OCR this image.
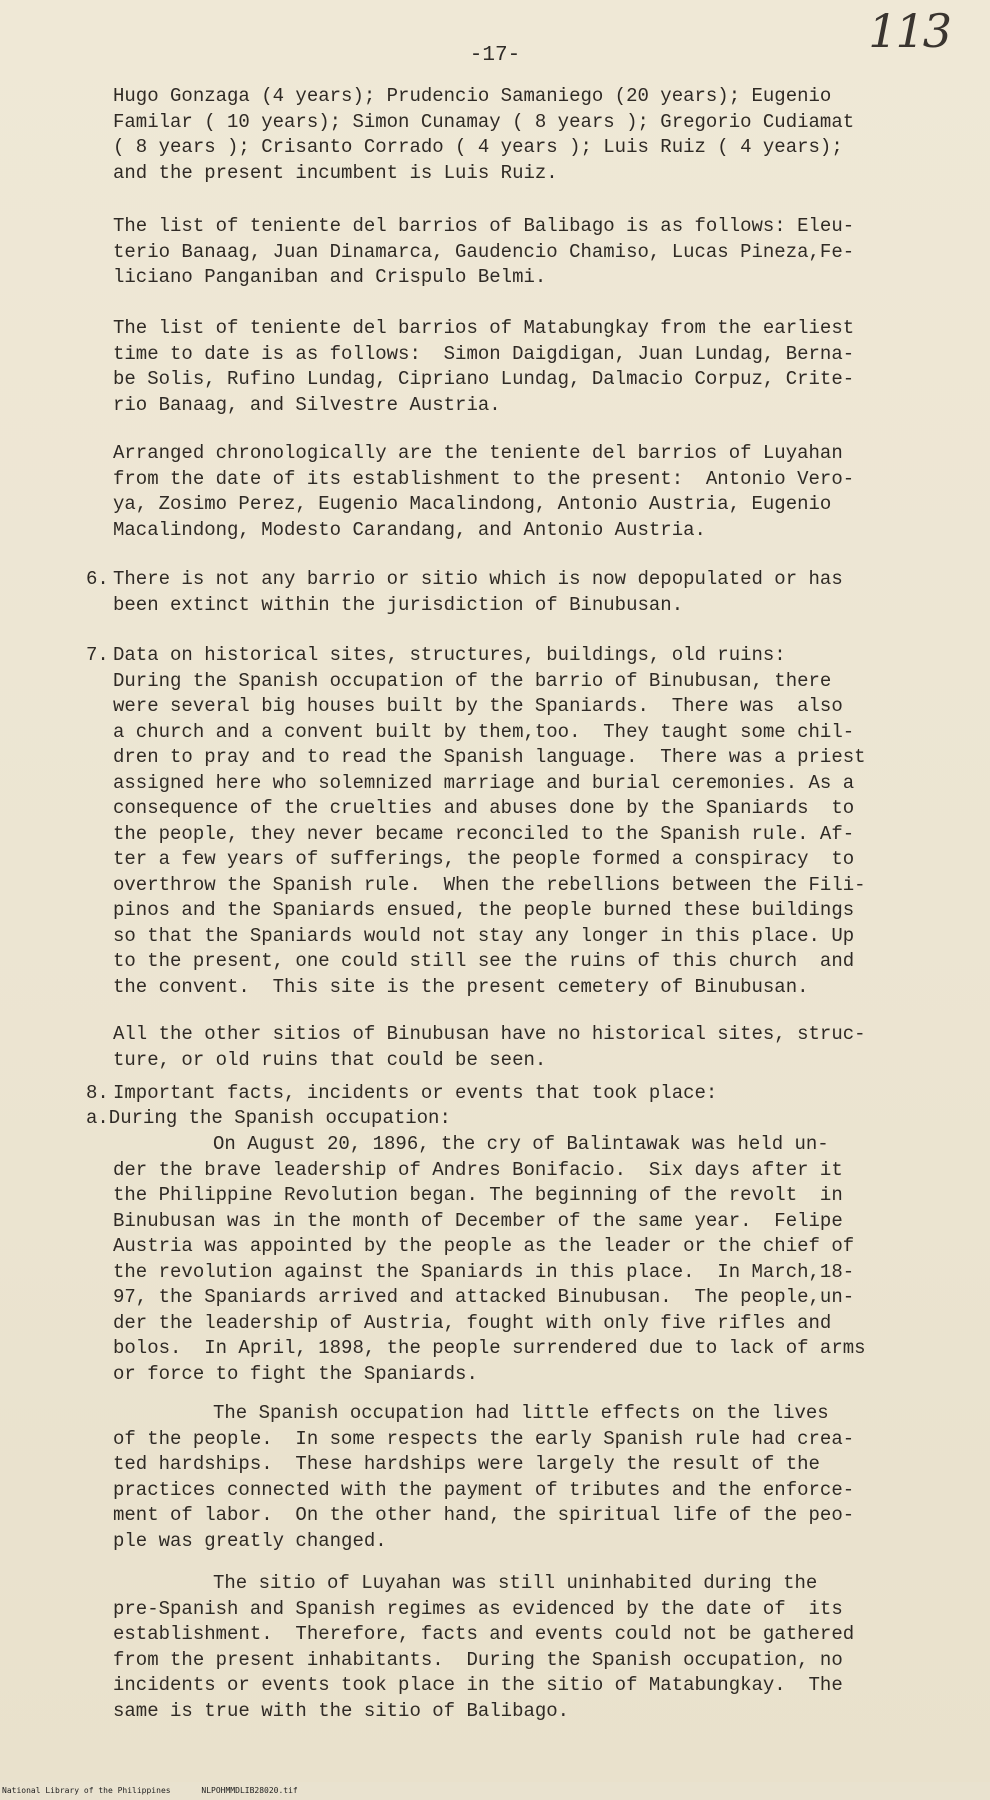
113
-17-
Hugo Gonzaga (4 years); Prudencio Samaniego (20 years); Eugenio
Familar ( 10 years); Simon Cunamay ( 8 years ); Gregorio Cudiamat
( 8 years ); Crisanto Corrado ( 4 years ); Luis Ruiz ( 4 years);
and the present incumbent is Luis Ruiz.
The list of teniente del barrios of Balibago is as follows: Eleu-
terio Banaag, Juan Dinamarca, Gaudencio Chamiso, Lucas Pineza,Fe-
liciano Panganiban and Crispulo Belmi.
The list of teniente del barrios of Matabungkay from the earliest
time to date is as follows:  Simon Daigdigan, Juan Lundag, Berna-
be Solis, Rufino Lundag, Cipriano Lundag, Dalmacio Corpuz, Crite-
rio Banaag, and Silvestre Austria.
Arranged chronologically are the teniente del barrios of Luyahan
from the date of its establishment to the present:  Antonio Vero-
ya, Zosimo Perez, Eugenio Macalindong, Antonio Austria, Eugenio
Macalindong, Modesto Carandang, and Antonio Austria.
6. There is not any barrio or sitio which is now depopulated or has
been extinct within the jurisdiction of Binubusan.
7. Data on historical sites, structures, buildings, old ruins:
During the Spanish occupation of the barrio of Binubusan, there
were several big houses built by the Spaniards.  There was  also
a church and a convent built by them,too.  They taught some chil-
dren to pray and to read the Spanish language.  There was a priest
assigned here who solemnized marriage and burial ceremonies. As a
consequence of the cruelties and abuses done by the Spaniards  to
the people, they never became reconciled to the Spanish rule. Af-
ter a few years of sufferings, the people formed a conspiracy  to
overthrow the Spanish rule.  When the rebellions between the Fili-
pinos and the Spaniards ensued, the people burned these buildings
so that the Spaniards would not stay any longer in this place. Up
to the present, one could still see the ruins of this church  and
the convent.  This site is the present cemetery of Binubusan.
All the other sitios of Binubusan have no historical sites, struc-
ture, or old ruins that could be seen.
8. Important facts, incidents or events that took place:
a.During the Spanish occupation:
On August 20, 1896, the cry of Balintawak was held un-
der the brave leadership of Andres Bonifacio.  Six days after it
the Philippine Revolution began. The beginning of the revolt  in
Binubusan was in the month of December of the same year.  Felipe
Austria was appointed by the people as the leader or the chief of
the revolution against the Spaniards in this place.  In March,18-
97, the Spaniards arrived and attacked Binubusan.  The people,un-
der the leadership of Austria, fought with only five rifles and
bolos.  In April, 1898, the people surrendered due to lack of arms
or force to fight the Spaniards.
The Spanish occupation had little effects on the lives
of the people.  In some respects the early Spanish rule had crea-
ted hardships.  These hardships were largely the result of the
practices connected with the payment of tributes and the enforce-
ment of labor.  On the other hand, the spiritual life of the peo-
ple was greatly changed.
The sitio of Luyahan was still uninhabited during the
pre-Spanish and Spanish regimes as evidenced by the date of  its
establishment.  Therefore, facts and events could not be gathered
from the present inhabitants.  During the Spanish occupation, no
incidents or events took place in the sitio of Matabungkay.  The
same is true with the sitio of Balibago.
National Library of the Philippines	NLPOHMMDLIB28020.tif
